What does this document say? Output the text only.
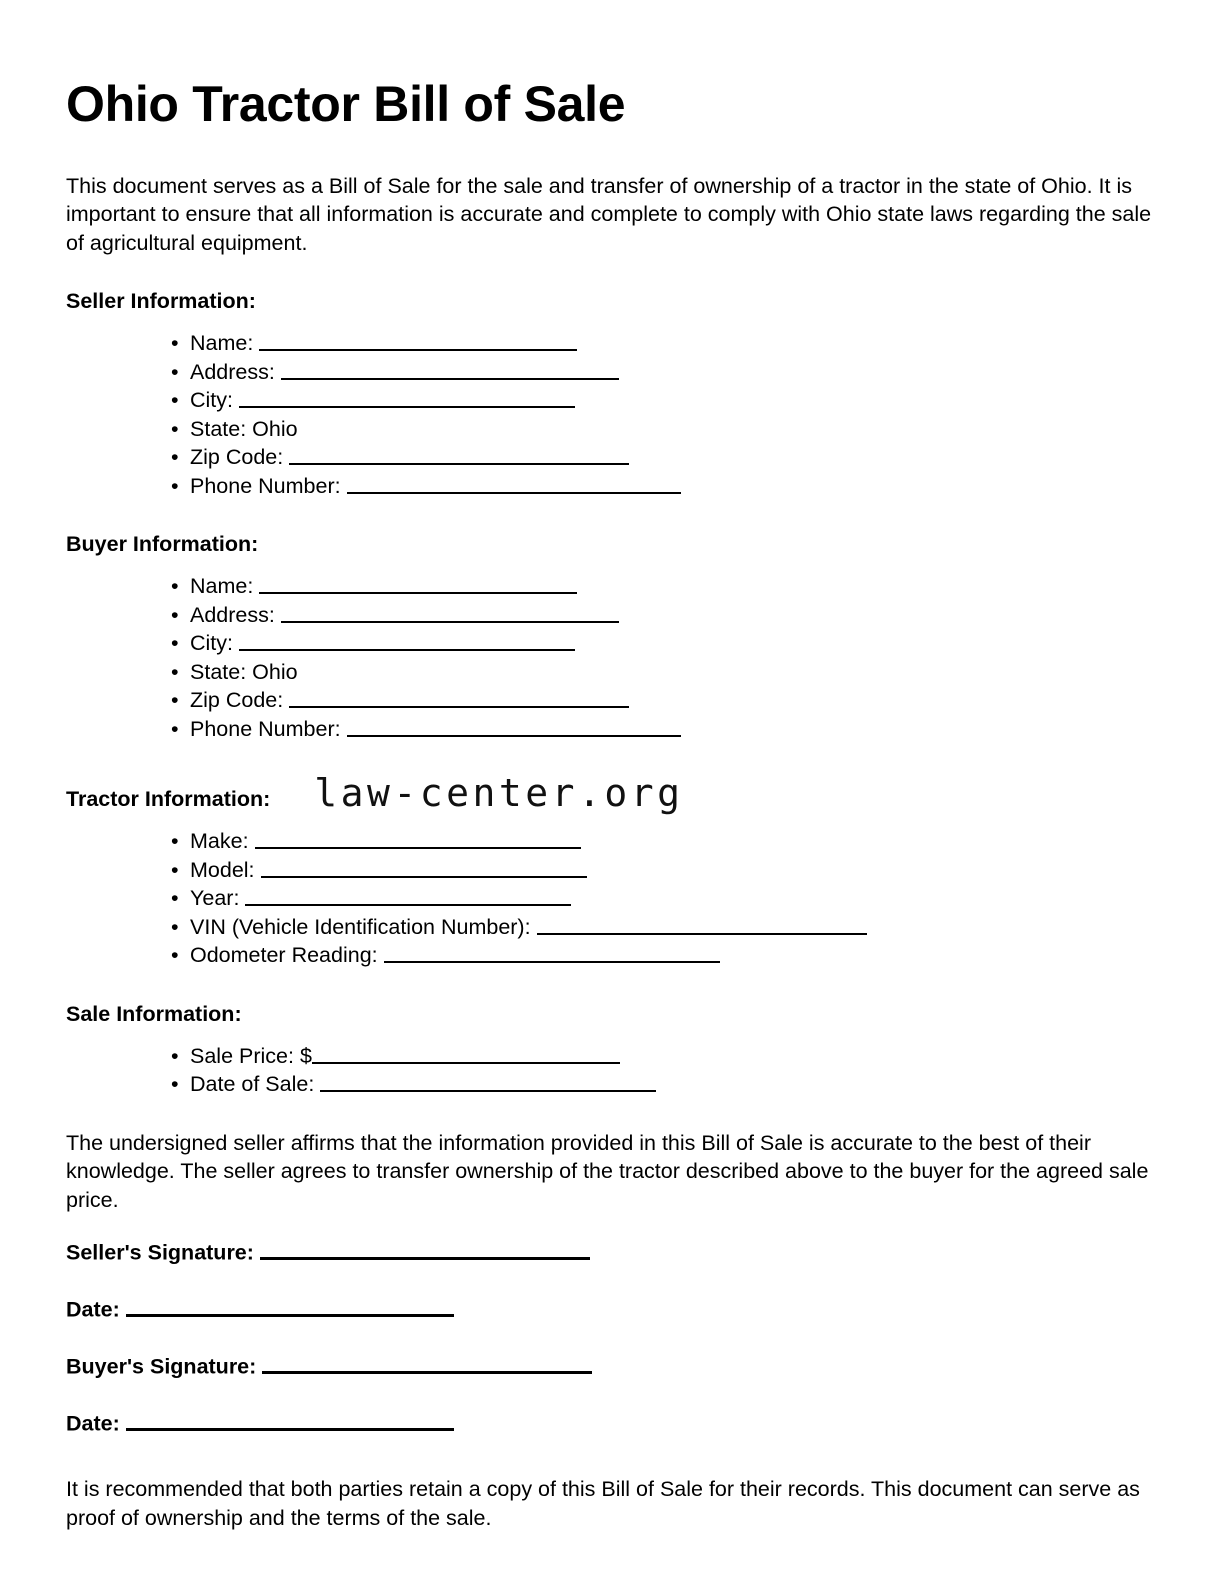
Ohio Tractor Bill of Sale

This document serves as a Bill of Sale for the sale and transfer of ownership of a tractor in the state of Ohio. It is important to ensure that all information is accurate and complete to comply with Ohio state laws regarding the sale of agricultural equipment.

Seller Information:
• Name:
• Address:
• City:
• State: Ohio
• Zip Code:
• Phone Number:
Buyer Information:
• Name:
• Address:
• City:
• State: Ohio
• Zip Code:
• Phone Number:
Tractor Information: law-center.org
• Make:
• Model:
• Year:
• VIN (Vehicle Identification Number):
• Odometer Reading:
Sale Information:
• Sale Price: $
• Date of Sale:

The undersigned seller affirms that the information provided in this Bill of Sale is accurate to the best of their knowledge. The seller agrees to transfer ownership of the tractor described above to the buyer for the agreed sale price.

Seller's Signature:
Date:
Buyer's Signature:
Date:

It is recommended that both parties retain a copy of this Bill of Sale for their records. This document can serve as proof of ownership and the terms of the sale.
